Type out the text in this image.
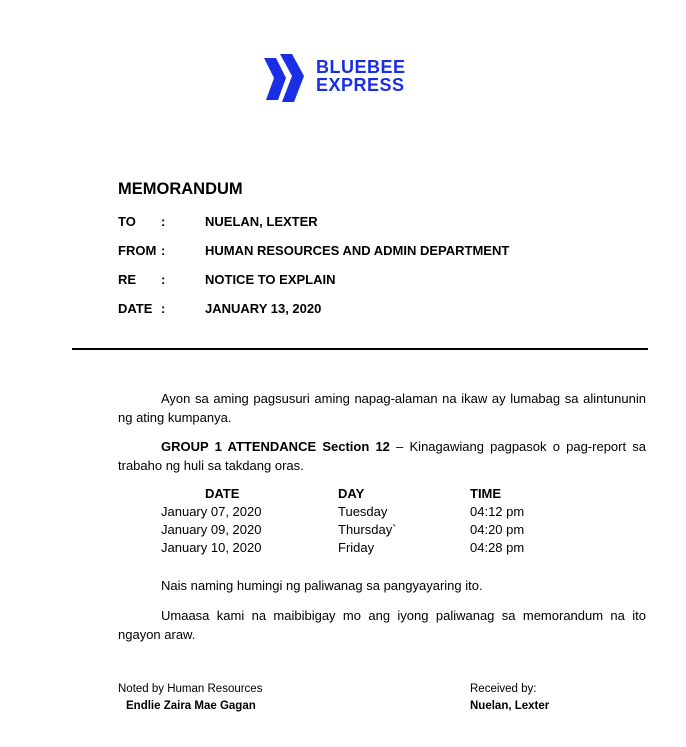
BLUEBEE
EXPRESS
MEMORANDUM
TO :	NUELAN, LEXTER
FROM :	HUMAN RESOURCES AND ADMIN DEPARTMENT
RE :	NOTICE TO EXPLAIN
DATE :	JANUARY 13, 2020
Ayon sa aming pagsusuri aming napag-alaman na ikaw ay lumabag sa alintununin ng ating kumpanya.
GROUP 1 ATTENDANCE Section 12 – Kinagawiang pagpasok o pag-report sa trabaho ng huli sa takdang oras.
DATE	DAY	TIME
January 07, 2020	Tuesday	04:12 pm
January 09, 2020	Thursday`	04:20 pm
January 10, 2020	Friday	04:28 pm
Nais naming humingi ng paliwanag sa pangyayaring ito.
Umaasa kami na maibibigay mo ang iyong paliwanag sa memorandum na ito ngayon araw.
Noted by Human Resources
Endlie Zaira Mae Gagan
Received by:
Nuelan, Lexter
